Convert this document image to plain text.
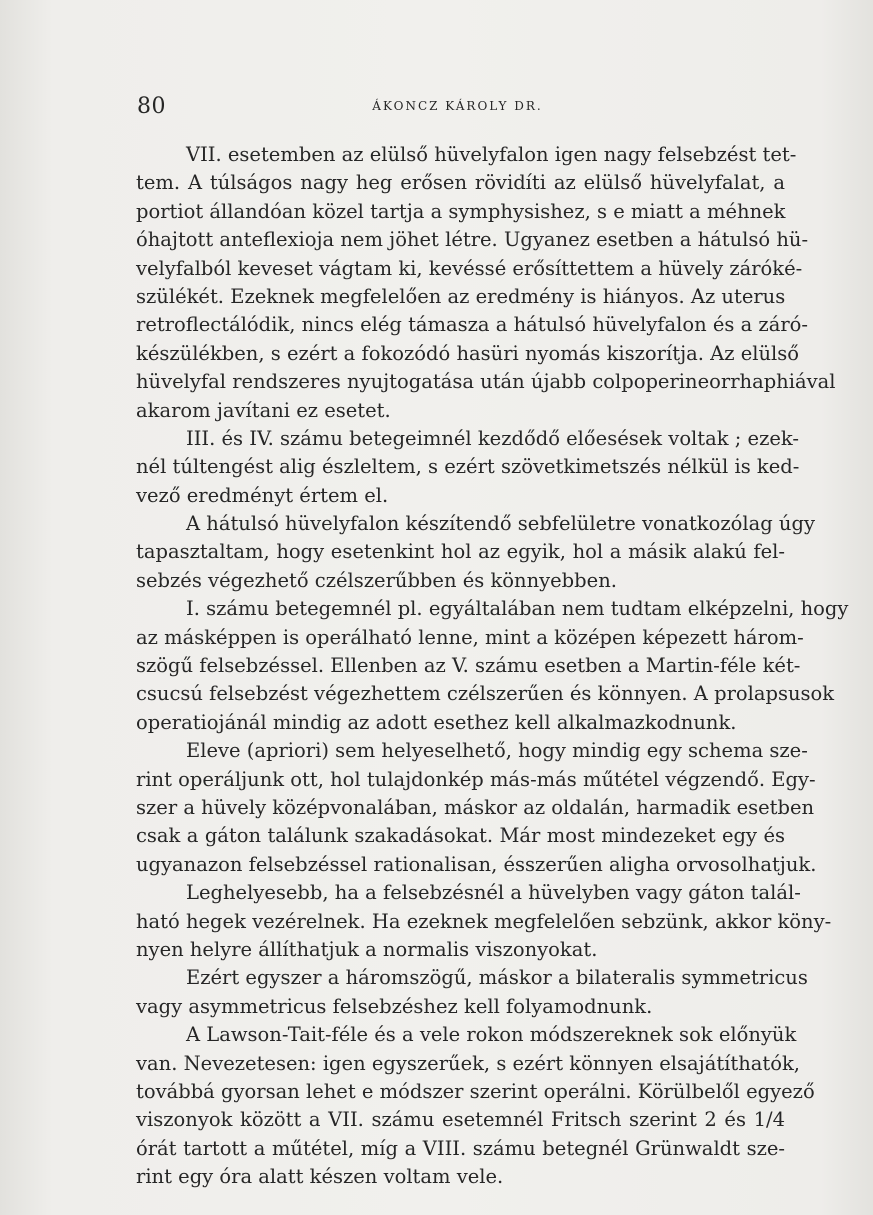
80	ÁKONCZ KÁROLY DR.
VII. esetemben az elülső hüvelyfalon igen nagy felsebzést tet-
tem. A túlságos nagy heg erősen rövidíti az elülső hüvelyfalat, a
portiot állandóan közel tartja a symphysishez, s e miatt a méhnek
óhajtott anteflexioja nem jöhet létre. Ugyanez esetben a hátulsó hü-
velyfalból keveset vágtam ki, kevéssé erősíttettem a hüvely záróké-
szülékét. Ezeknek megfelelően az eredmény is hiányos. Az uterus
retroflectálódik, nincs elég támasza a hátulsó hüvelyfalon és a záró-
készülékben, s ezért a fokozódó hasüri nyomás kiszorítja. Az elülső
hüvelyfal rendszeres nyujtogatása után újabb colpoperineorrhaphiával
akarom javítani ez esetet.
III. és IV. számu betegeimnél kezdődő előesések voltak ; ezek-
nél túltengést alig észleltem, s ezért szövetkimetszés nélkül is ked-
vező eredményt értem el.
A hátulsó hüvelyfalon készítendő sebfelületre vonatkozólag úgy
tapasztaltam, hogy esetenkint hol az egyik, hol a másik alakú fel-
sebzés végezhető czélszerűbben és könnyebben.
I. számu betegemnél pl. egyáltalában nem tudtam elképzelni, hogy
az másképpen is operálható lenne, mint a középen képezett három-
szögű felsebzéssel. Ellenben az V. számu esetben a Martin-féle két-
csucsú felsebzést végezhettem czélszerűen és könnyen. A prolapsusok
operatiojánál mindig az adott esethez kell alkalmazkodnunk.
Eleve (apriori) sem helyeselhető, hogy mindig egy schema sze-
rint operáljunk ott, hol tulajdonkép más-más műtétel végzendő. Egy-
szer a hüvely középvonalában, máskor az oldalán, harmadik esetben
csak a gáton találunk szakadásokat. Már most mindezeket egy és
ugyanazon felsebzéssel rationalisan, ésszerűen aligha orvosolhatjuk.
Leghelyesebb, ha a felsebzésnél a hüvelyben vagy gáton talál-
ható hegek vezérelnek. Ha ezeknek megfelelően sebzünk, akkor köny-
nyen helyre állíthatjuk a normalis viszonyokat.
Ezért egyszer a háromszögű, máskor a bilateralis symmetricus
vagy asymmetricus felsebzéshez kell folyamodnunk.
A Lawson-Tait-féle és a vele rokon módszereknek sok előnyük
van. Nevezetesen: igen egyszerűek, s ezért könnyen elsajátíthatók,
továbbá gyorsan lehet e módszer szerint operálni. Körülbelől egyező
viszonyok között a VII. számu esetemnél Fritsch szerint 2 és 1/4
órát tartott a műtétel, míg a VIII. számu betegnél Grünwaldt sze-
rint egy óra alatt készen voltam vele.
